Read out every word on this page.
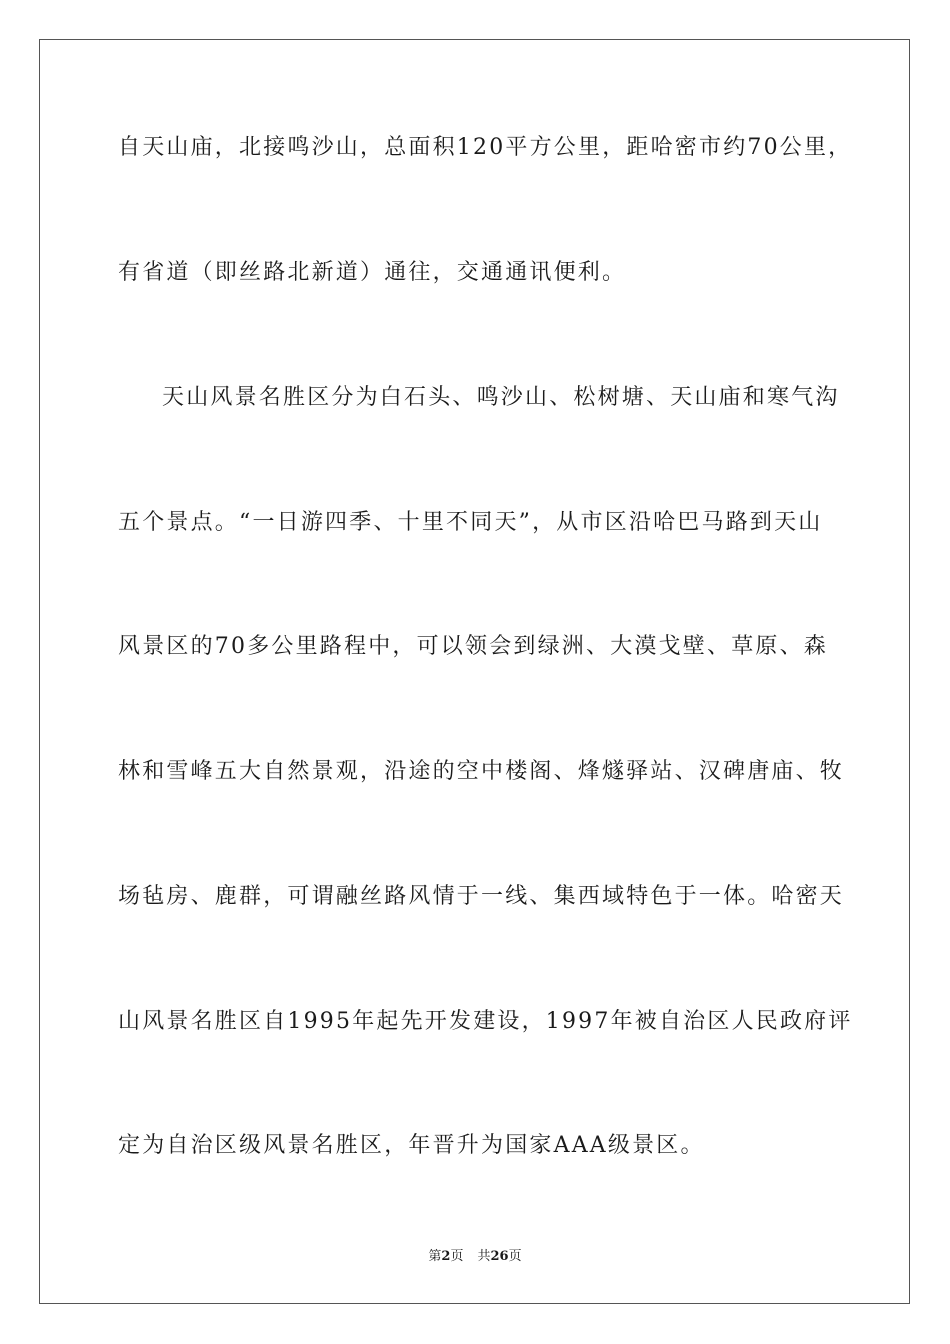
自天山庙，北接鸣沙山，总面积120平方公里，距哈密市约70公里，
有省道（即丝路北新道）通往，交通通讯便利。
天山风景名胜区分为白石头、鸣沙山、松树塘、天山庙和寒气沟
五个景点。“一日游四季、十里不同天”，从市区沿哈巴马路到天山
风景区的70多公里路程中，可以领会到绿洲、大漠戈壁、草原、森
林和雪峰五大自然景观，沿途的空中楼阁、烽燧驿站、汉碑唐庙、牧
场毡房、鹿群，可谓融丝路风情于一线、集西域特色于一体。哈密天
山风景名胜区自1995年起先开发建设，1997年被自治区人民政府评
定为自治区级风景名胜区，年晋升为国家AAA级景区。
第2页 共26页
